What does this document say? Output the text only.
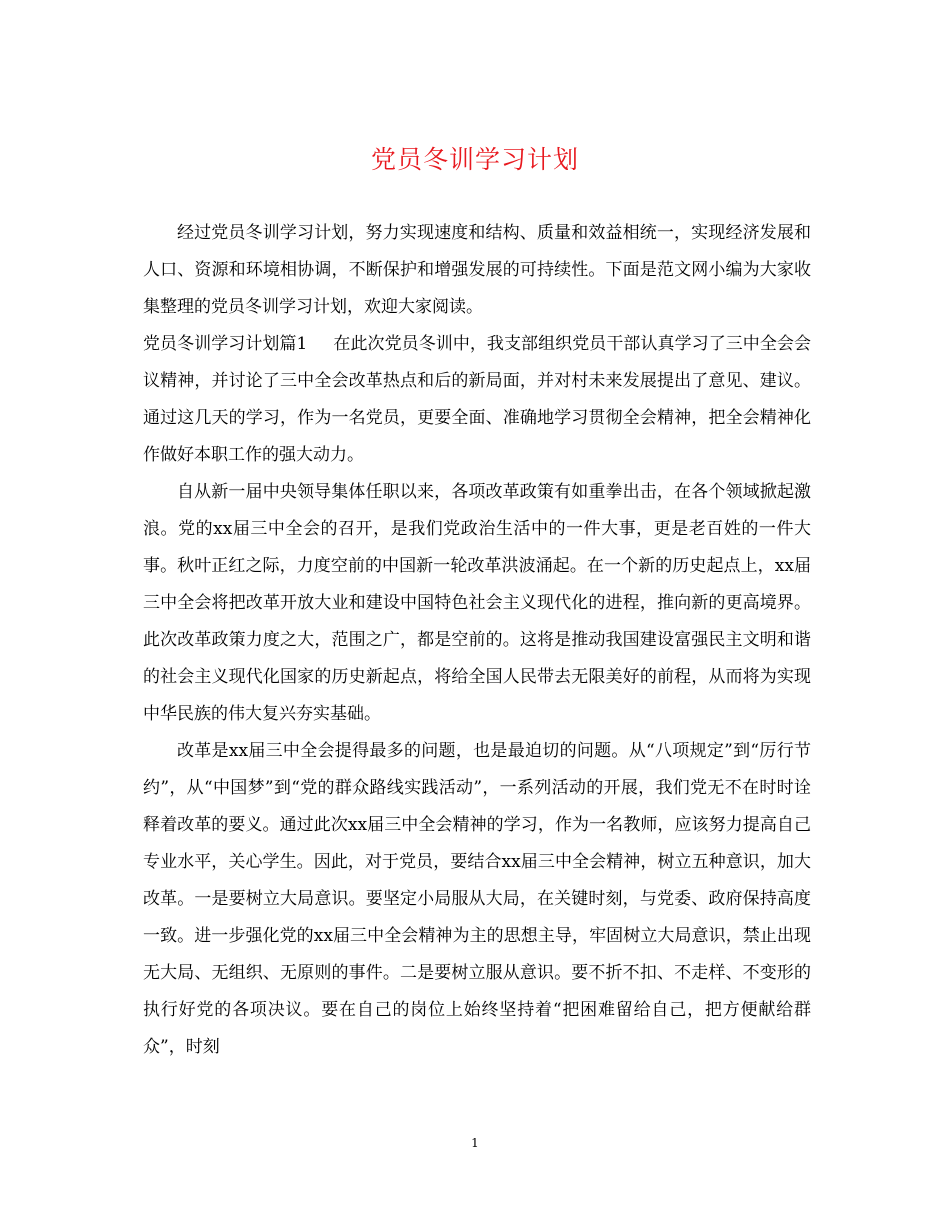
党员冬训学习计划

经过党员冬训学习计划，努力实现速度和结构、质量和效益相统一，实现经济发展和人口、资源和环境相协调，不断保护和增强发展的可持续性。下面是范文网小编为大家收集整理的党员冬训学习计划，欢迎大家阅读。

党员冬训学习计划篇1 在此次党员冬训中，我支部组织党员干部认真学习了三中全会会议精神，并讨论了三中全会改革热点和后的新局面，并对村未来发展提出了意见、建议。通过这几天的学习，作为一名党员，更要全面、准确地学习贯彻全会精神，把全会精神化作做好本职工作的强大动力。

自从新一届中央领导集体任职以来，各项改革政策有如重拳出击，在各个领域掀起激浪。党的xx届三中全会的召开，是我们党政治生活中的一件大事，更是老百姓的一件大事。秋叶正红之际，力度空前的中国新一轮改革洪波涌起。在一个新的历史起点上，xx届三中全会将把改革开放大业和建设中国特色社会主义现代化的进程，推向新的更高境界。此次改革政策力度之大，范围之广，都是空前的。这将是推动我国建设富强民主文明和谐的社会主义现代化国家的历史新起点，将给全国人民带去无限美好的前程，从而将为实现中华民族的伟大复兴夯实基础。

改革是xx届三中全会提得最多的问题，也是最迫切的问题。从“八项规定”到“厉行节约”，从“中国梦”到“党的群众路线实践活动”，一系列活动的开展，我们党无不在时时诠释着改革的要义。通过此次xx届三中全会精神的学习，作为一名教师，应该努力提高自己专业水平，关心学生。因此，对于党员，要结合xx届三中全会精神，树立五种意识，加大改革。一是要树立大局意识。要坚定小局服从大局，在关键时刻，与党委、政府保持高度一致。进一步强化党的xx届三中全会精神为主的思想主导，牢固树立大局意识，禁止出现无大局、无组织、无原则的事件。二是要树立服从意识。要不折不扣、不走样、不变形的执行好党的各项决议。要在自己的岗位上始终坚持着“把困难留给自己，把方便献给群众”，时刻

1
